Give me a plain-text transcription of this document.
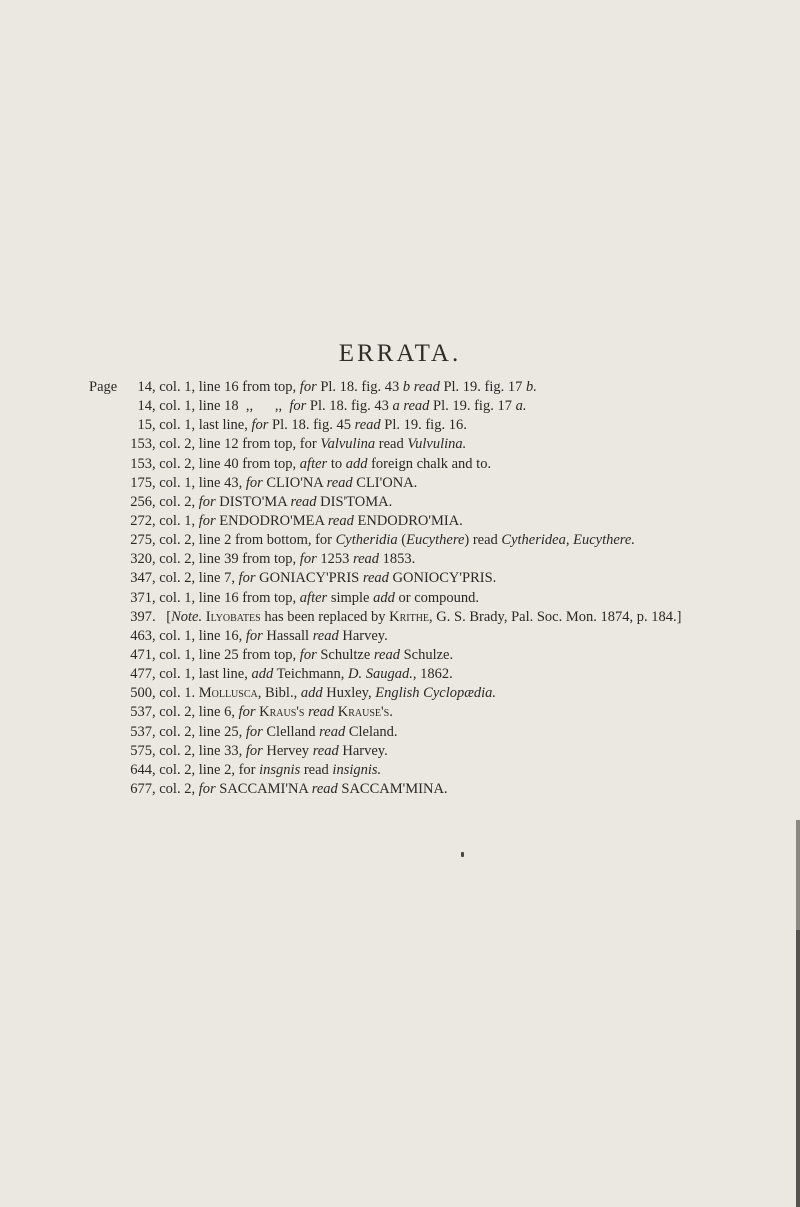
ERRATA.
Page	14 , col. 1, line 16 from top, for Pl. 18. fig. 43 b read Pl. 19. fig. 17 b.
14 , col. 1, line 18  ,,      ,,  for Pl. 18. fig. 43 a read Pl. 19. fig. 17 a.
15 , col. 1, last line, for Pl. 18. fig. 45 read Pl. 19. fig. 16.
153 , col. 2, line 12 from top, for Valvulina read Vulvulina.
153 , col. 2, line 40 from top, after to add foreign chalk and to.
175 , col. 1, line 43, for CLIO'NA read CLI'ONA.
256 , col. 2, for DISTO'MA read DIS'TOMA.
272 , col. 1, for ENDODRO'MEA read ENDODRO'MIA.
275 , col. 2, line 2 from bottom, for Cytheridia (Eucythere) read Cytheridea, Eucythere.
320 , col. 2, line 39 from top, for 1253 read 1853.
347 , col. 2, line 7, for GONIACY'PRIS read GONIOCY'PRIS.
371 , col. 1, line 16 from top, after simple add or compound.
397 . [Note. Ilyobates has been replaced by Krithe, G. S. Brady, Pal. Soc. Mon. 1874, p. 184.]
463 , col. 1, line 16, for Hassall read Harvey.
471 , col. 1, line 25 from top, for Schultze read Schulze.
477 , col. 1, last line, add Teichmann, D. Saugad., 1862.
500 , col. 1. Mollusca, Bibl., add Huxley, English Cyclopædia.
537 , col. 2, line 6, for Kraus's read Krause's.
537 , col. 2, line 25, for Clelland read Cleland.
575 , col. 2, line 33, for Hervey read Harvey.
644 , col. 2, line 2, for insgnis read insignis.
677 , col. 2, for SACCAMI'NA read SACCAM'MINA.
